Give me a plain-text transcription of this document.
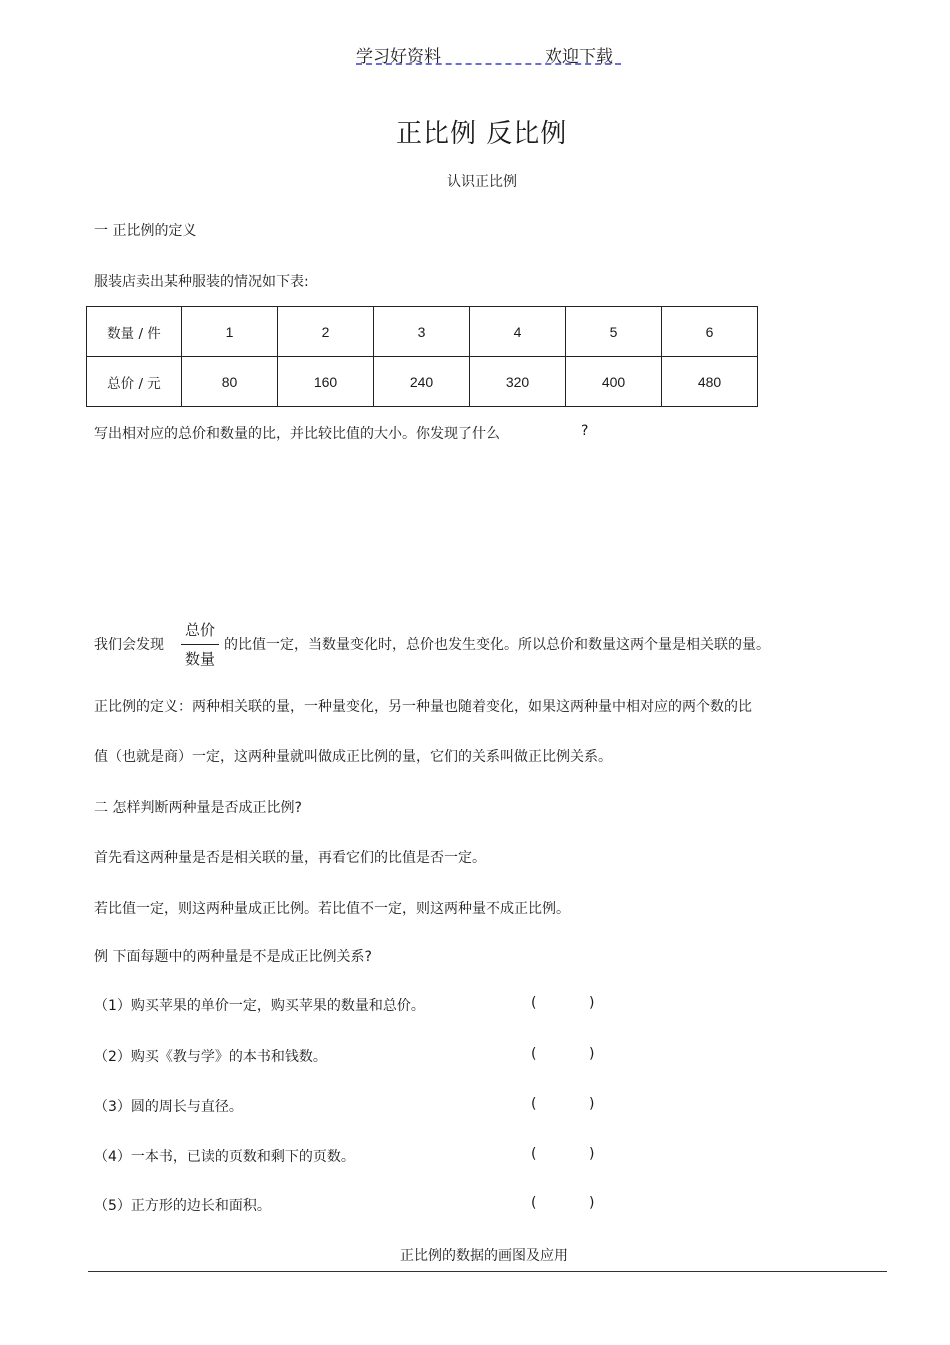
学习好资料	欢迎下载
正比例 反比例
认识正比例
一 正比例的定义
服装店卖出某种服装的情况如下表:
数量 / 件	1	2	3	4	5	6
总价 / 元	80	160	240	320	400	480
写出相对应的总价和数量的比，并比较比值的大小。你发现了什么	?
我们会发现
总价
数量
的比值一定，当数量变化时，总价也发生变化。所以总价和数量这两个量是相关联的量。
正比例的定义：两种相关联的量，一种量变化，另一种量也随着变化，如果这两种量中相对应的两个数的比
值（也就是商）一定，这两种量就叫做成正比例的量，它们的关系叫做正比例关系。
二 怎样判断两种量是否成正比例?
首先看这两种量是否是相关联的量，再看它们的比值是否一定。
若比值一定，则这两种量成正比例。若比值不一定，则这两种量不成正比例。
例 下面每题中的两种量是不是成正比例关系?
（1）购买苹果的单价一定，购买苹果的数量和总价。	(	)
（2）购买《教与学》的本书和钱数。	(	)
（3）圆的周长与直径。	(	)
（4）一本书，已读的页数和剩下的页数。	(	)
（5）正方形的边长和面积。	(	)
正比例的数据的画图及应用
